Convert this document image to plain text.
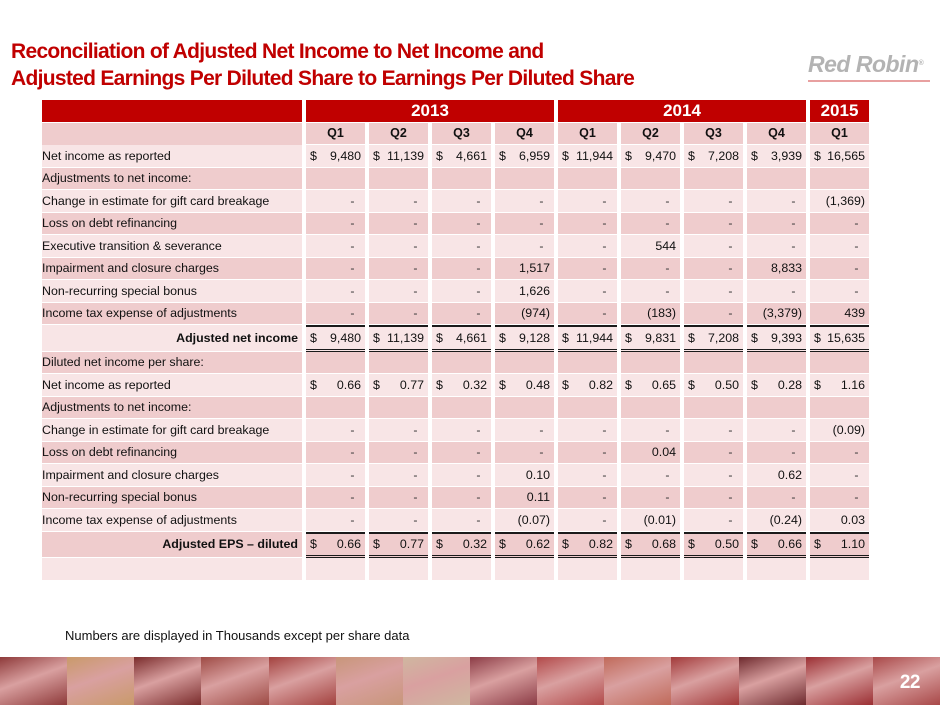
Reconciliation of Adjusted Net Income to Net Income and
Adjusted Earnings Per Diluted Share to Earnings Per Diluted Share
Red Robin®
	2013				2014				2015
	Q1	Q2	Q3	Q4	Q1	Q2	Q3	Q4	Q1
Net income as reported	$ 9,480	$ 11,139	$ 4,661	$ 6,959	$ 11,944	$ 9,470	$ 7,208	$ 3,939	$ 16,565

Adjustments to net income:	

Change in estimate for gift card breakage	-	-	-	-	-	-	-	-	(1,369)

Loss on debt refinancing	-	-	-	-	-	-	-	-	-

Executive transition & severance	-	-	-	-	-	544	-	-	-

Impairment and closure charges	-	-	-	1,517	-	-	-	8,833	-

Non-recurring special bonus	-	-	-	1,626	-	-	-	-	-

Income tax expense of adjustments	-	-	-	(974)	-	(183)	-	(3,379)	439

Adjusted net income	$ 9,480	$ 11,139	$ 4,661	$ 9,128	$ 11,944	$ 9,831	$ 7,208	$ 9,393	$ 15,635

Diluted net income per share:	

Net income as reported	$ 0.66	$ 0.77	$ 0.32	$ 0.48	$ 0.82	$ 0.65	$ 0.50	$ 0.28	$ 1.16

Adjustments to net income:	

Change in estimate for gift card breakage	-	-	-	-	-	-	-	-	(0.09)

Loss on debt refinancing	-	-	-	-	-	0.04	-	-	-

Impairment and closure charges	-	-	-	0.10	-	-	-	0.62	-

Non-recurring special bonus	-	-	-	0.11	-	-	-	-	-

Income tax expense of adjustments	-	-	-	(0.07)	-	(0.01)	-	(0.24)	0.03

Adjusted EPS – diluted	$ 0.66	$ 0.77	$ 0.32	$ 0.62	$ 0.82	$ 0.68	$ 0.50	$ 0.66	$ 1.10

Numbers are displayed in Thousands except per share data
22
